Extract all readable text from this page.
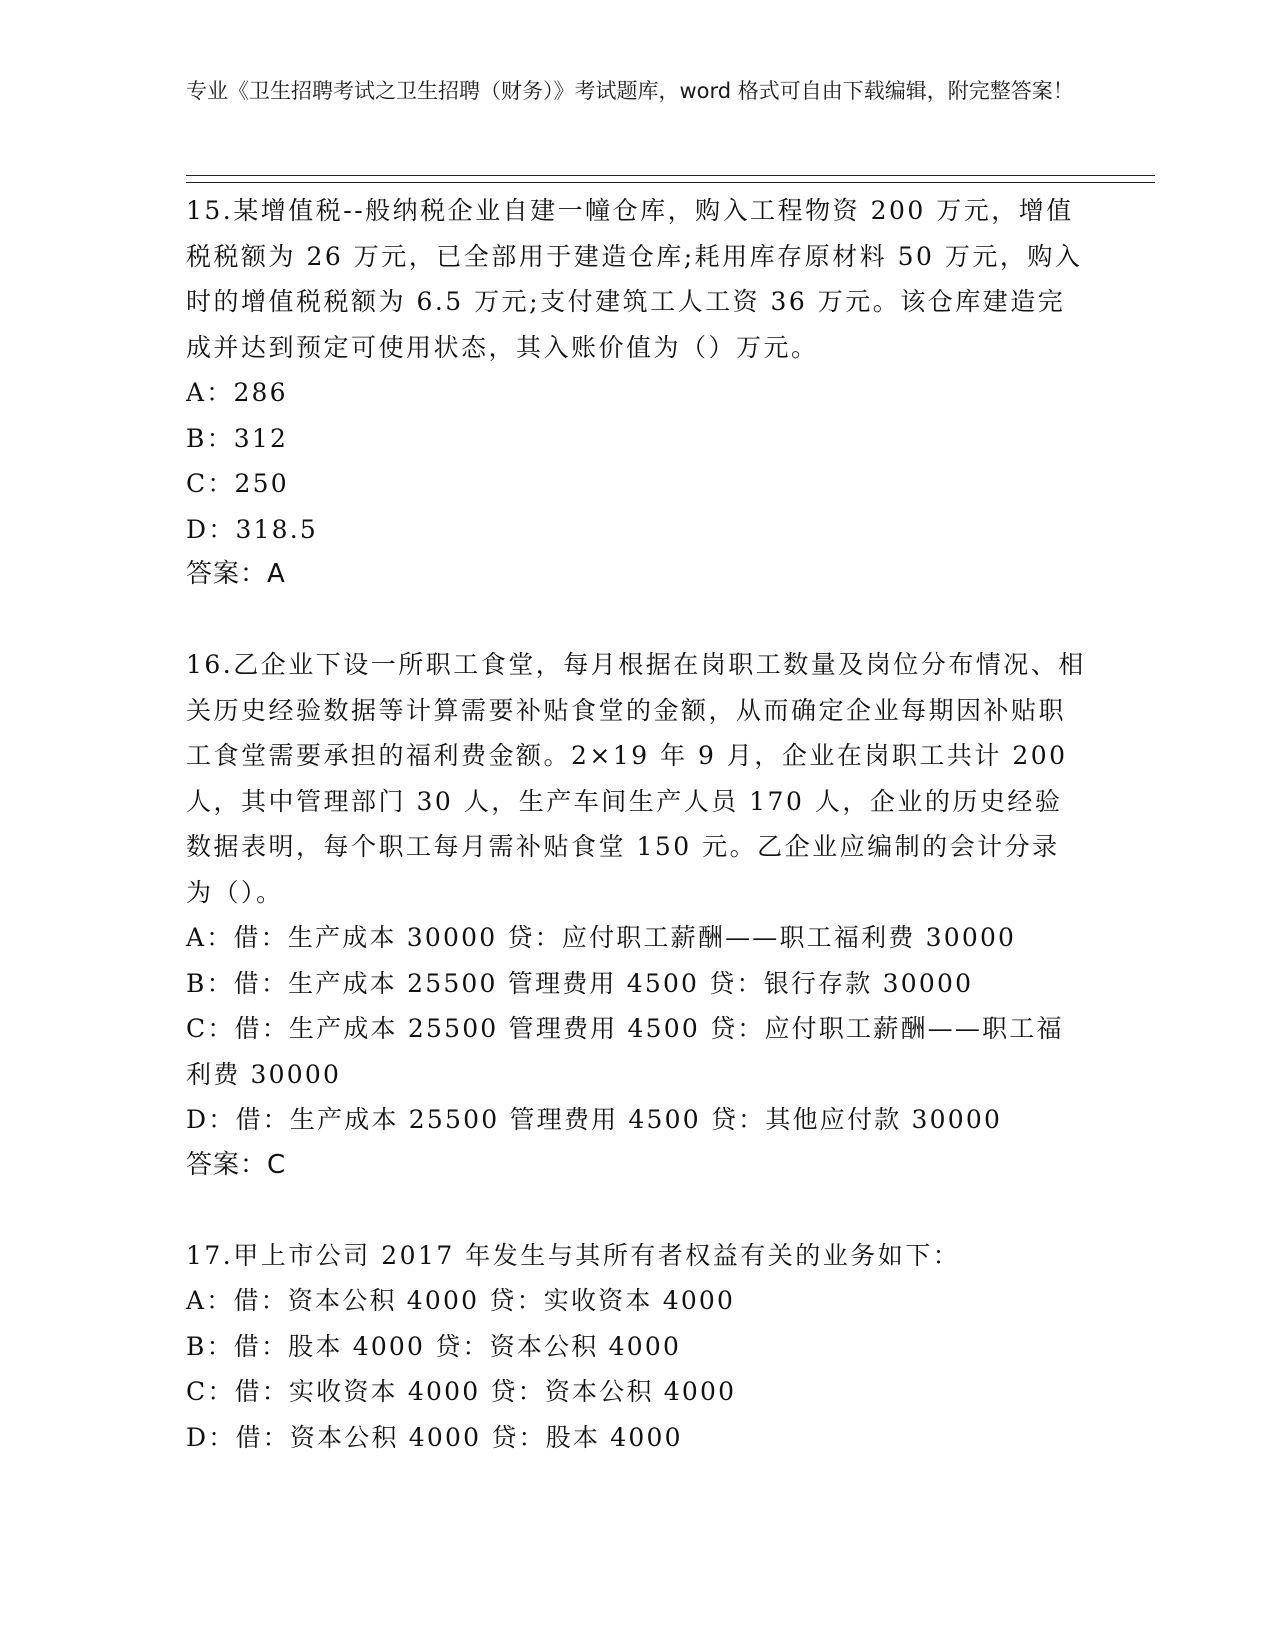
专业《卫生招聘考试之卫生招聘（财务）》考试题库，word 格式可自由下载编辑，附完整答案！
15.某增值税--般纳税企业自建一幢仓库，购入工程物资 200 万元，增值税税额为 26 万元，已全部用于建造仓库;耗用库存原材料 50 万元，购入时的增值税税额为 6.5 万元;支付建筑工人工资 36 万元。该仓库建造完成并达到预定可使用状态，其入账价值为（）万元。
A：286
B：312
C：250
D：318.5
答案：A
16.乙企业下设一所职工食堂，每月根据在岗职工数量及岗位分布情况、相关历史经验数据等计算需要补贴食堂的金额，从而确定企业每期因补贴职工食堂需要承担的福利费金额。2×19 年 9 月，企业在岗职工共计 200 人，其中管理部门 30 人，生产车间生产人员 170 人，企业的历史经验数据表明，每个职工每月需补贴食堂 150 元。乙企业应编制的会计分录为（）。
A：借：生产成本 30000 贷：应付职工薪酬——职工福利费 30000
B：借：生产成本 25500 管理费用 4500 贷：银行存款 30000
C：借：生产成本 25500 管理费用 4500 贷：应付职工薪酬——职工福利费 30000
D：借：生产成本 25500 管理费用 4500 贷：其他应付款 30000
答案：C
17.甲上市公司 2017 年发生与其所有者权益有关的业务如下：
A：借：资本公积 4000 贷：实收资本 4000
B：借：股本 4000 贷：资本公积 4000
C：借：实收资本 4000 贷：资本公积 4000
D：借：资本公积 4000 贷：股本 4000
